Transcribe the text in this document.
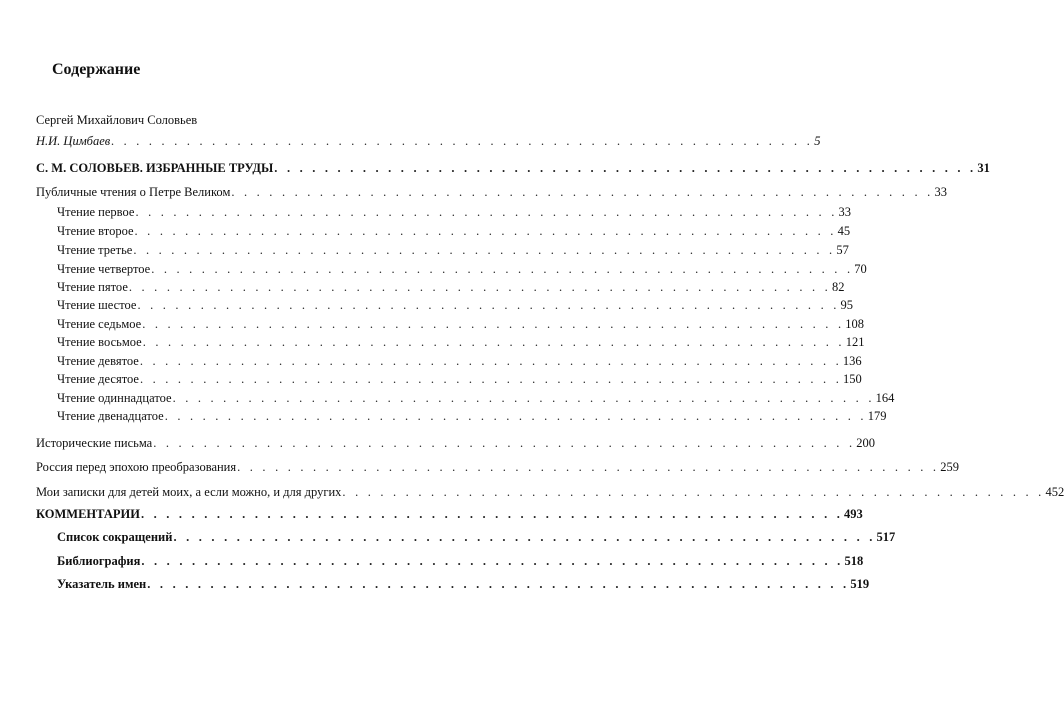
Содержание
Сергей Михайлович Соловьев
Н.И. Цимбаев . . . . . . . . . . . . . . . . . . . . . . . . . . . . . . . . . . . . . . . . . . . . . . . . . . . . . . . . 5
С. М. СОЛОВЬЕВ. ИЗБРАННЫЕ ТРУДЫ . . . . . . . . . . . . . . . . . . . . . . . . . . . . . . . . . . . . . . . . . . . . . . . . . . . . . . . . 31
Публичные чтения о Петре Великом . . . . . . . . . . . . . . . . . . . . . . . . . . . . . . . . . . . . . . . . . . . . . . . . . . . . . . . . 33
Чтение первое . . . . . . . . . . . . . . . . . . . . . . . . . . . . . . . . . . . . . . . . . . . . . . . . . . . . . . . . 33
Чтение второе . . . . . . . . . . . . . . . . . . . . . . . . . . . . . . . . . . . . . . . . . . . . . . . . . . . . . . . . 45
Чтение третье . . . . . . . . . . . . . . . . . . . . . . . . . . . . . . . . . . . . . . . . . . . . . . . . . . . . . . . . 57
Чтение четвертое . . . . . . . . . . . . . . . . . . . . . . . . . . . . . . . . . . . . . . . . . . . . . . . . . . . . . . . . 70
Чтение пятое . . . . . . . . . . . . . . . . . . . . . . . . . . . . . . . . . . . . . . . . . . . . . . . . . . . . . . . . 82
Чтение шестое . . . . . . . . . . . . . . . . . . . . . . . . . . . . . . . . . . . . . . . . . . . . . . . . . . . . . . . . 95
Чтение седьмое . . . . . . . . . . . . . . . . . . . . . . . . . . . . . . . . . . . . . . . . . . . . . . . . . . . . . . . . 108
Чтение восьмое . . . . . . . . . . . . . . . . . . . . . . . . . . . . . . . . . . . . . . . . . . . . . . . . . . . . . . . . 121
Чтение девятое . . . . . . . . . . . . . . . . . . . . . . . . . . . . . . . . . . . . . . . . . . . . . . . . . . . . . . . . 136
Чтение десятое . . . . . . . . . . . . . . . . . . . . . . . . . . . . . . . . . . . . . . . . . . . . . . . . . . . . . . . . 150
Чтение одиннадцатое . . . . . . . . . . . . . . . . . . . . . . . . . . . . . . . . . . . . . . . . . . . . . . . . . . . . . . . . 164
Чтение двенадцатое . . . . . . . . . . . . . . . . . . . . . . . . . . . . . . . . . . . . . . . . . . . . . . . . . . . . . . . . 179
Исторические письма . . . . . . . . . . . . . . . . . . . . . . . . . . . . . . . . . . . . . . . . . . . . . . . . . . . . . . . . 200
Россия перед эпохою преобразования . . . . . . . . . . . . . . . . . . . . . . . . . . . . . . . . . . . . . . . . . . . . . . . . . . . . . . . . 259
Мои записки для детей моих, а если можно, и для других . . . . . . . . . . . . . . . . . . . . . . . . . . . . . . . . . . . . . . . . . . . . . . . . . . . . . . . . 452
КОММЕНТАРИИ . . . . . . . . . . . . . . . . . . . . . . . . . . . . . . . . . . . . . . . . . . . . . . . . . . . . . . . . 493
Список сокращений . . . . . . . . . . . . . . . . . . . . . . . . . . . . . . . . . . . . . . . . . . . . . . . . . . . . . . . . 517
Библиография . . . . . . . . . . . . . . . . . . . . . . . . . . . . . . . . . . . . . . . . . . . . . . . . . . . . . . . . 518
Указатель имен . . . . . . . . . . . . . . . . . . . . . . . . . . . . . . . . . . . . . . . . . . . . . . . . . . . . . . . . 519
